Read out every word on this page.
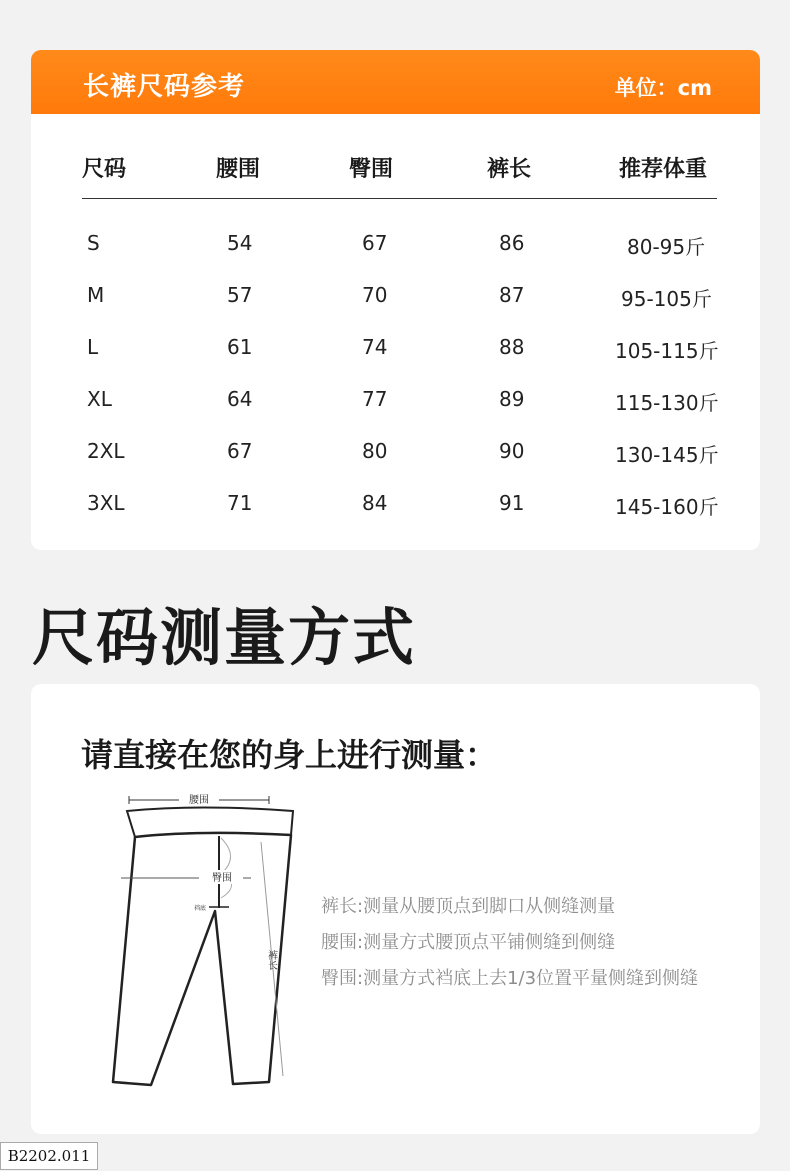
长裤尺码参考	单位：cm
尺码	腰围	臀围	裤长	推荐体重
S	54	67	86	80-95斤
M	57	70	87	95-105斤
L	61	74	88	105-115斤
XL	64	77	89	115-130斤
2XL	67	80	90	130-145斤
3XL	71	84	91	145-160斤
尺码测量方式
请直接在您的身上进行测量：
腰围
臀围
裆底
裤长
裤长:测量从腰顶点到脚口从侧缝测量
腰围:测量方式腰顶点平铺侧缝到侧缝
臀围:测量方式裆底上去1/3位置平量侧缝到侧缝
B2202.011
